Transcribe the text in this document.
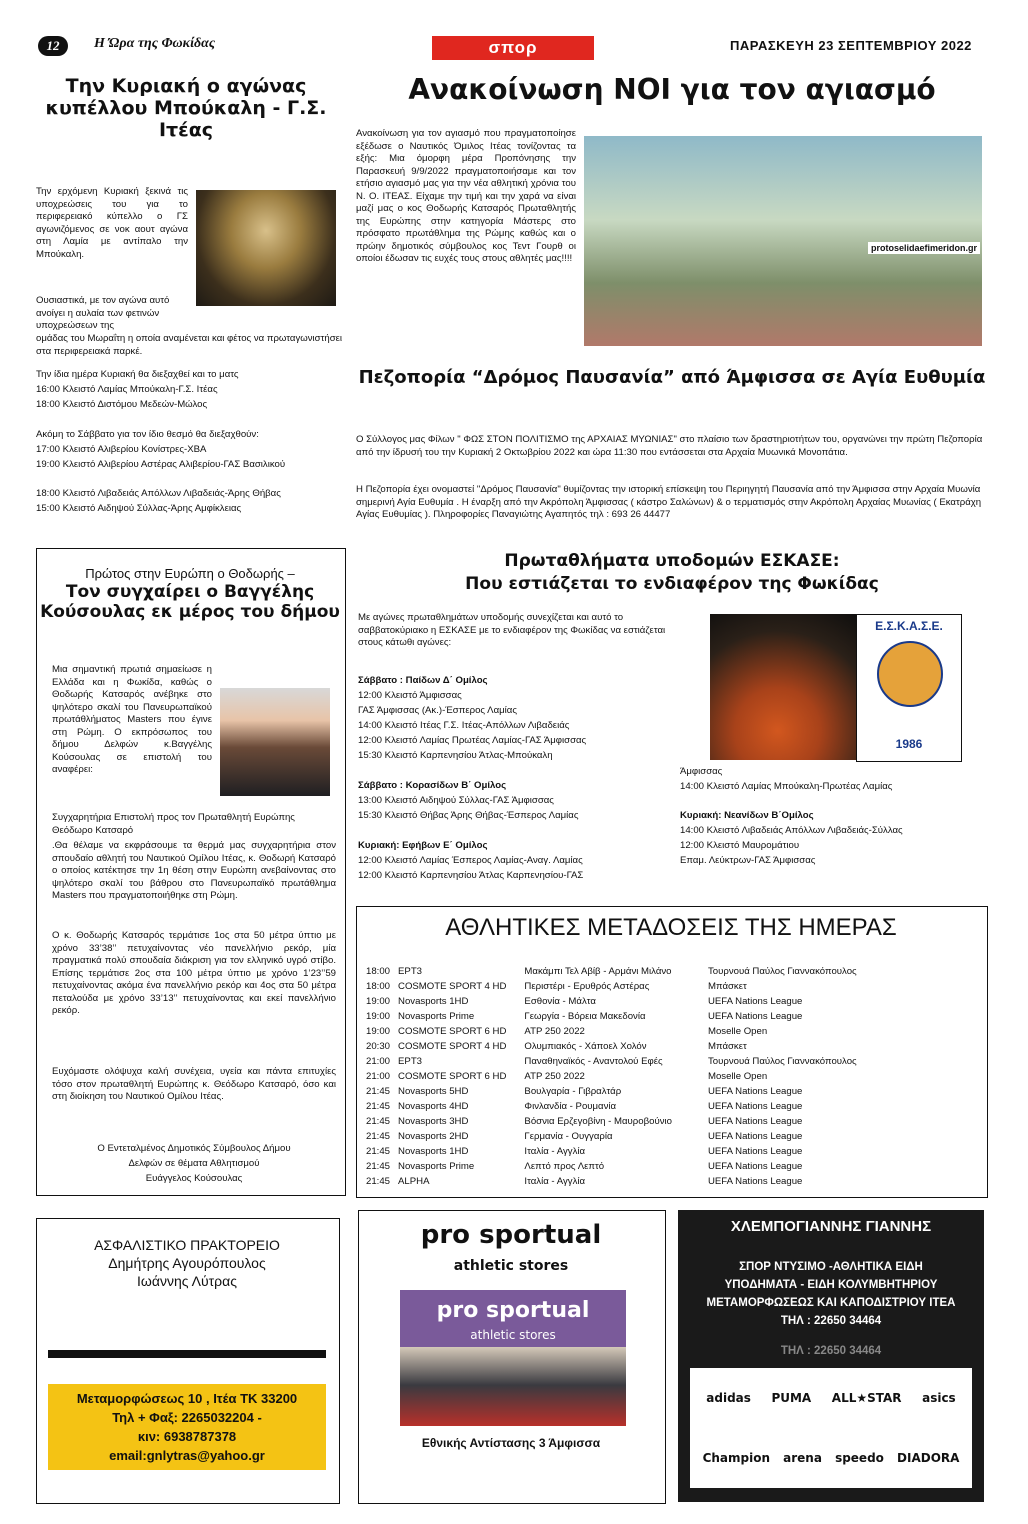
12	Η Ώρα της Φωκίδας	σπορ	ΠΑΡΑΣΚΕΥΗ 23 ΣΕΠΤΕΜΒΡΙΟΥ 2022
Την Κυριακή ο αγώνας κυπέλλου Μπούκαλη - Γ.Σ. Ιτέας
Την ερχόμενη Κυριακή ξεκινά τις υποχρεώσεις του για το περιφερειακό κύπελλο ο ΓΣ αγωνιζόμενος σε νοκ αουτ αγώνα στη Λαμία με αντίπαλο την Μπούκαλη.
Ουσιαστικά, με τον αγώνα αυτό ανοίγει η αυλαία των φετινών υποχρεώσεων της
ομάδας του Μωραΐτη η οποία αναμένεται και φέτος να πρωταγωνιστήσει στα περιφερειακά παρκέ.
Την ίδια ημέρα Κυριακή θα διεξαχθεί και το ματς
16:00 Κλειστό Λαμίας Μπούκαλη-Γ.Σ. Ιτέας
18:00 Κλειστό Διστόμου Μεδεών-Μώλος
Ακόμη το Σάββατο για τον ίδιο θεσμό θα διεξαχθούν:
17:00 Κλειστό Αλιβερίου Κονίστρες-ΧΒΑ
19:00 Κλειστό Αλιβερίου Αστέρας Αλιβερίου-ΓΑΣ Βασιλικού
18:00 Κλειστό Λιβαδειάς Απόλλων Λιβαδειάς-Άρης Θήβας
15:00 Κλειστό Αιδηψού Σύλλας-Άρης Αμφίκλειας
Ανακοίνωση ΝΟΙ για τον αγιασμό
Ανακοίνωση για τον αγιασμό που πραγματοποίησε εξέδωσε ο Ναυτικός Όμιλος Ιτέας τονίζοντας τα εξής: Μια όμορφη μέρα Προπόνησης την Παρασκευή 9/9/2022 πραγματοποιήσαμε και τον ετήσιο αγιασμό μας για την νέα αθλητική χρόνια του Ν. Ο. ΙΤΕΑΣ. Είχαμε την τιμή και την χαρά να είναι μαζί μας ο κος Θοδωρής Κατσαρός Πρωταθλητής της Ευρώπης στην κατηγορία Μάστερς στο πρόσφατο πρωτάθλημα της Ρώμης καθώς και ο πρώην δημοτικός σύμβουλος κος Τεντ Γουρθ οι οποίοι έδωσαν τις ευχές τους στους αθλητές μας!!!!
protoselidaefimeridon.gr
Πεζοπορία “Δρόμος Παυσανία” από Άμφισσα σε Αγία Ευθυμία
Ο Σύλλογος μας Φίλων " ΦΩΣ ΣΤΟΝ ΠΟΛΙΤΙΣΜΟ της ΑΡΧΑΙΑΣ ΜΥΩΝΙΑΣ" στο πλαίσιο των δραστηριοτήτων του, οργανώνει την πρώτη Πεζοπορία από την ίδρυσή του την Κυριακή 2 Οκτωβρίου 2022 και ώρα 11:30 που εντάσσεται στα Αρχαία Μυωνικά Μονοπάτια.
Η Πεζοπορία έχει ονομαστεί "Δρόμος Παυσανία" θυμίζοντας την ιστορική επίσκεψη του Περιηγητή Παυσανία από την Άμφισσα στην Αρχαία Μυωνία σημερινή Αγία Ευθυμία . Η έναρξη από την Ακρόπολη Άμφισσας ( κάστρο Σαλώνων) & ο τερματισμός στην Ακρόπολη Αρχαίας Μυωνίας ( Εκατράχη Αγίας Ευθυμίας ). Πληροφορίες Παναγιώτης Αγαπητός τηλ : 693 26 44477
Πρώτος στην Ευρώπη ο Θοδωρής –
Τον συγχαίρει ο Βαγγέλης Κούσουλας εκ μέρος του δήμου
Μια σημαντική πρωτιά σημαείωσε η Ελλάδα και η Φωκίδα, καθώς ο Θοδωρής Κατσαρός ανέβηκε στο ψηλότερο σκαλί του Πανευρωπαϊκού πρωτάθλήματος Masters που έγινε στη Ρώμη. Ο εκπρόσωπος του δήμου Δελφών κ.Βαγγέλης Κούσουλας σε επιστολή του αναφέρει:
Συγχαρητήρια Επιστολή προς τον Πρωταθλητή Ευρώπης Θεόδωρο Κατσαρό
.Θα θέλαμε να εκφράσουμε τα θερμά μας συγχαρητήρια στον σπουδαίο αθλητή του Ναυτικού Ομίλου Ιτέας, κ. Θοδωρή Κατσαρό ο οποίος κατέκτησε την 1η θέση στην Ευρώπη ανεβαίνοντας στο ψηλότερο σκαλί του βάθρου στο Πανευρωπαϊκό πρωτάθλημα Masters που πραγματοποιήθηκε στη Ρώμη.
Ο κ. Θοδωρής Κατσαρός τερμάτισε 1ος στα 50 μέτρα ύπτιο με χρόνο 33’38’’ πετυχαίνοντας νέο πανελλήνιο ρεκόρ, μία πραγματικά πολύ σπουδαία διάκριση για τον ελληνικό υγρό στίβο. Επίσης τερμάτισε 2ος στα 100 μέτρα ύπτιο με χρόνο 1’23’’59 πετυχαίνοντας ακόμα ένα πανελλήνιο ρεκόρ και 4ος στα 50 μέτρα πεταλούδα με χρόνο 33’13’’ πετυχαίνοντας και εκεί πανελλήνιο ρεκόρ.
Ευχόμαστε ολόψυχα καλή συνέχεια, υγεία και πάντα επιτυχίες τόσο στον πρωταθλητή Ευρώπης κ. Θεόδωρο Κατσαρό, όσο και στη διοίκηση του Ναυτικού Ομίλου Ιτέας.
Ο Εντεταλμένος Δημοτικός Σύμβουλος Δήμου
Δελφών σε θέματα Αθλητισμού
Ευάγγελος Κούσουλας
Πρωταθλήματα υποδομών ΕΣΚΑΣΕ:
Που εστιάζεται το ενδιαφέρον της Φωκίδας
Με αγώνες πρωταθλημάτων υποδομής συνεχίζεται και αυτό το σαββατοκύριακο η ΕΣΚΑΣΕ με το ενδιαφέρον της Φωκίδας να εστιάζεται στους κάτωθι αγώνες:
Ε.Σ.Κ.Α.Σ.Ε.
1986
Σάββατο : Παίδων Δ΄ Ομίλος
12:00 Κλειστό Άμφισσας
ΓΑΣ Άμφισσας (Ακ.)-Έσπερος Λαμίας
14:00 Κλειστό Ιτέας Γ.Σ. Ιτέας-Απόλλων Λιβαδειάς
12:00 Κλειστό Λαμίας Πρωτέας Λαμίας-ΓΑΣ Άμφισσας
15:30 Κλειστό Καρπενησίου Άτλας-Μπούκαλη
Σάββατο : Κορασίδων Β΄ Ομίλος
13:00 Κλειστό Αιδηψού Σύλλας-ΓΑΣ Άμφισσας
15:30 Κλειστό Θήβας Άρης Θήβας-Έσπερος Λαμίας
Κυριακή: Εφήβων Ε΄ Ομίλος
12:00 Κλειστό Λαμίας Έσπερος Λαμίας-Αναγ. Λαμίας
12:00 Κλειστό Καρπενησίου Άτλας Καρπενησίου-ΓΑΣ
Άμφισσας
14:00 Κλειστό Λαμίας Μπούκαλη-Πρωτέας Λαμίας
Κυριακή: Νεανίδων Β΄Ομίλος
14:00 Κλειστό Λιβαδειάς Απόλλων Λιβαδειάς-Σύλλας
12:00 Κλειστό Μαυρομάτιου
Επαμ. Λεύκτρων-ΓΑΣ Άμφισσας
ΑΘΛΗΤΙΚΕΣ ΜΕΤΑΔΟΣΕΙΣ ΤΗΣ ΗΜΕΡΑΣ
18:00	ΕΡΤ3	Μακάμπι Τελ Αβίβ - Αρμάνι Μιλάνο	Τουρνουά Παύλος Γιαννακόπουλος
18:00	COSMOTE SPORT 4 HD	Περιστέρι - Ερυθρός Αστέρας	Μπάσκετ
19:00	Novasports 1HD	Εσθονία - Μάλτα	UEFA Nations League
19:00	Novasports Prime	Γεωργία - Βόρεια Μακεδονία	UEFA Nations League
19:00	COSMOTE SPORT 6 HD	ATP 250 2022	Moselle Open
20:30	COSMOTE SPORT 4 HD	Ολυμπιακός - Χάποελ Χολόν	Μπάσκετ
21:00	ΕΡΤ3	Παναθηναϊκός - Αναντολού Εφές	Τουρνουά Παύλος Γιαννακόπουλος
21:00	COSMOTE SPORT 6 HD	ATP 250 2022	Moselle Open
21:45	Novasports 5HD	Βουλγαρία - Γιβραλτάρ	UEFA Nations League
21:45	Novasports 4HD	Φινλανδία - Ρουμανία	UEFA Nations League
21:45	Novasports 3HD	Βόσνια Ερζεγοβίνη - Μαυροβούνιο	UEFA Nations League
21:45	Novasports 2HD	Γερμανία - Ουγγαρία	UEFA Nations League
21:45	Novasports 1HD	Ιταλία - Αγγλία	UEFA Nations League
21:45	Novasports Prime	Λεπτό προς Λεπτό	UEFA Nations League
21:45	ALPHA	Ιταλία - Αγγλία	UEFA Nations League
ΑΣΦΑΛΙΣΤΙΚΟ ΠΡΑΚΤΟΡΕΙΟ
Δημήτρης Αγουρόπουλος
Ιωάννης Λύτρας
Μεταμορφώσεως 10 , Ιτέα ΤΚ 33200
Τηλ + Φαξ: 2265032204 -
κιν: 6938787378
email:gnlytras@yahoo.gr
pro sportual
athletic stores
pro sportual
athletic stores
Εθνικής Αντίστασης 3 Άμφισσα
ΧΛΕΜΠΟΓΙΑΝΝΗΣ ΓΙΑΝΝΗΣ
ΣΠΟΡ ΝΤΥΣΙΜΟ -ΑΘΛΗΤΙΚΑ ΕΙΔΗ
ΥΠΟΔΗΜΑΤΑ - ΕΙΔΗ ΚΟΛΥΜΒΗΤΗΡΙΟΥ
ΜΕΤΑΜΟΡΦΩΣΕΩΣ ΚΑΙ ΚΑΠΟΔΙΣΤΡΙΟΥ ΙΤΕΑ
ΤΗΛ : 22650 34464
ΤΗΛ : 22650 34464
adidas PUMA ALL★STAR asics
Champion arena speedo DIADORA
